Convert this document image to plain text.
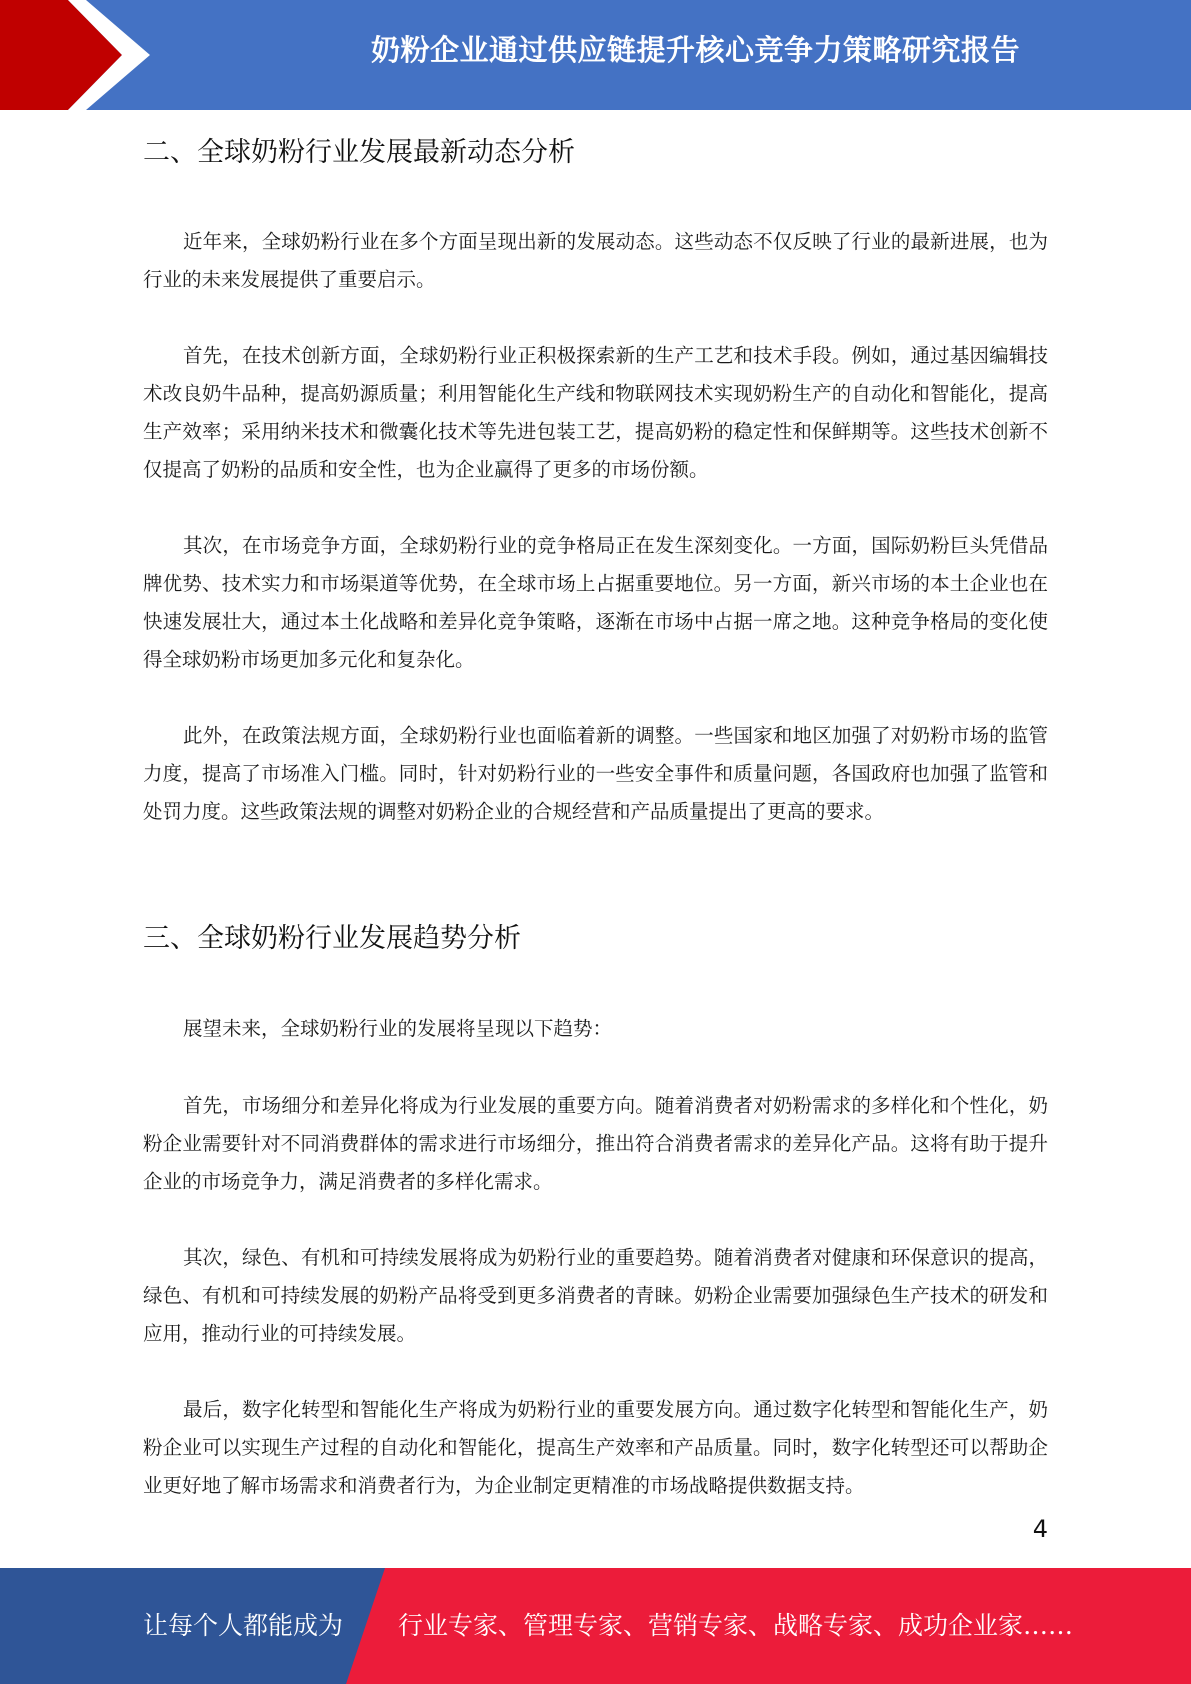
奶粉企业通过供应链提升核心竞争力策略研究报告
二、全球奶粉行业发展最新动态分析

近年来，全球奶粉行业在多个方面呈现出新的发展动态。这些动态不仅反映了行业的最新进展，也为行业的未来发展提供了重要启示。

首先，在技术创新方面，全球奶粉行业正积极探索新的生产工艺和技术手段。例如，通过基因编辑技术改良奶牛品种，提高奶源质量；利用智能化生产线和物联网技术实现奶粉生产的自动化和智能化，提高生产效率；采用纳米技术和微囊化技术等先进包装工艺，提高奶粉的稳定性和保鲜期等。这些技术创新不仅提高了奶粉的品质和安全性，也为企业赢得了更多的市场份额。

其次，在市场竞争方面，全球奶粉行业的竞争格局正在发生深刻变化。一方面，国际奶粉巨头凭借品牌优势、技术实力和市场渠道等优势，在全球市场上占据重要地位。另一方面，新兴市场的本土企业也在快速发展壮大，通过本土化战略和差异化竞争策略，逐渐在市场中占据一席之地。这种竞争格局的变化使得全球奶粉市场更加多元化和复杂化。

此外，在政策法规方面，全球奶粉行业也面临着新的调整。一些国家和地区加强了对奶粉市场的监管力度，提高了市场准入门槛。同时，针对奶粉行业的一些安全事件和质量问题，各国政府也加强了监管和处罚力度。这些政策法规的调整对奶粉企业的合规经营和产品质量提出了更高的要求。

三、全球奶粉行业发展趋势分析

展望未来，全球奶粉行业的发展将呈现以下趋势：

首先，市场细分和差异化将成为行业发展的重要方向。随着消费者对奶粉需求的多样化和个性化，奶粉企业需要针对不同消费群体的需求进行市场细分，推出符合消费者需求的差异化产品。这将有助于提升企业的市场竞争力，满足消费者的多样化需求。

其次，绿色、有机和可持续发展将成为奶粉行业的重要趋势。随着消费者对健康和环保意识的提高，绿色、有机和可持续发展的奶粉产品将受到更多消费者的青睐。奶粉企业需要加强绿色生产技术的研发和应用，推动行业的可持续发展。

最后，数字化转型和智能化生产将成为奶粉行业的重要发展方向。通过数字化转型和智能化生产，奶粉企业可以实现生产过程的自动化和智能化，提高生产效率和产品质量。同时，数字化转型还可以帮助企业更好地了解市场需求和消费者行为，为企业制定更精准的市场战略提供数据支持。

4
让每个人都能成为 行业专家、管理专家、营销专家、战略专家、成功企业家……
